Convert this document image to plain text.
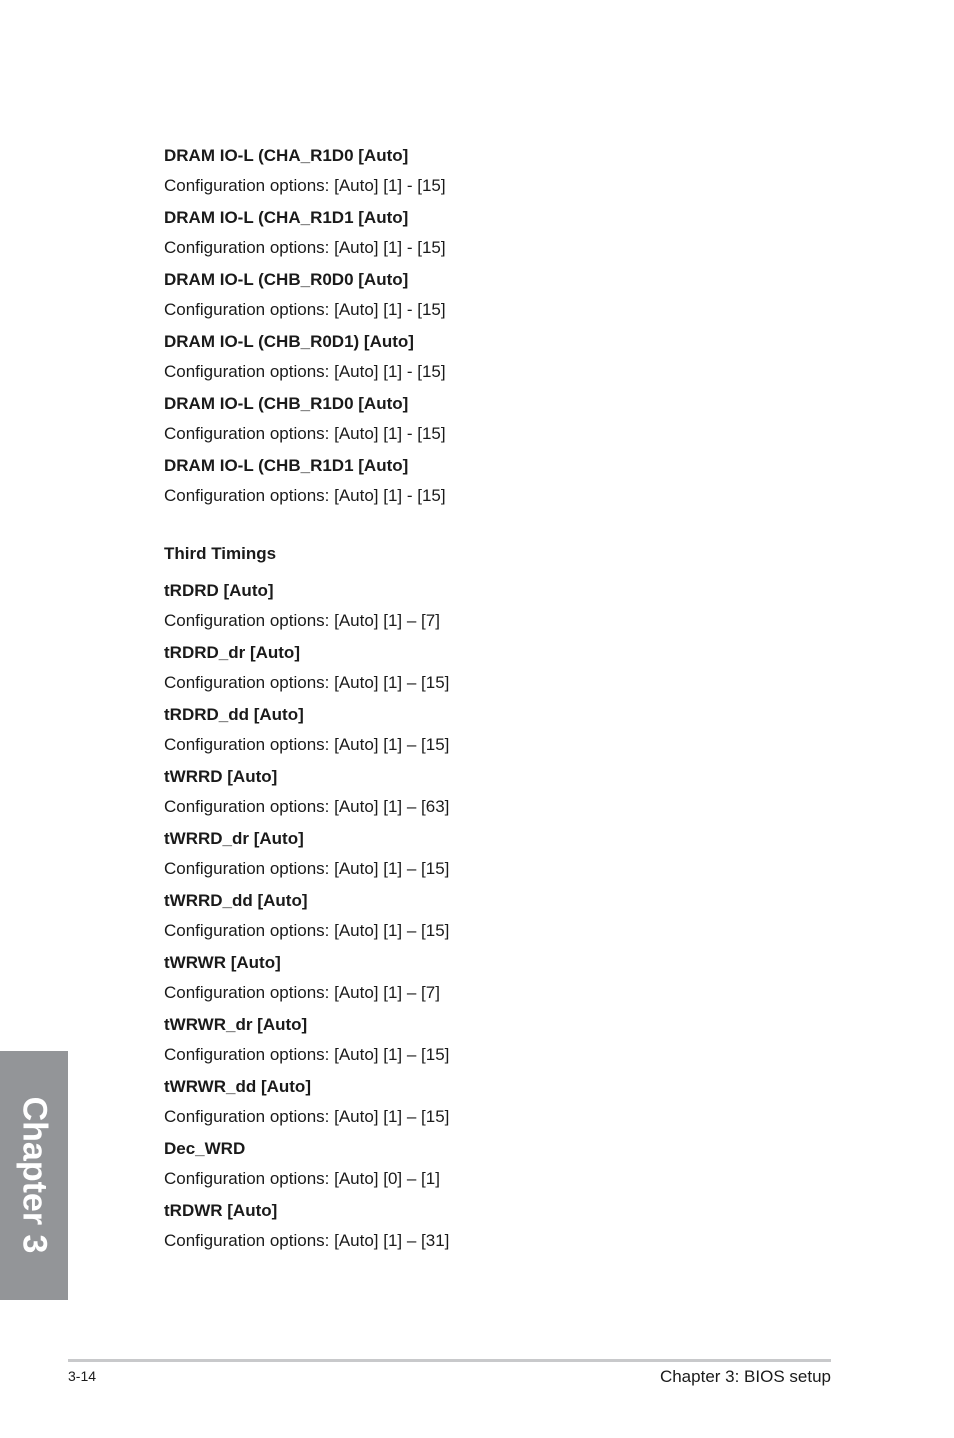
DRAM IO-L (CHA_R1D0 [Auto]

Configuration options: [Auto] [1] - [15]

DRAM IO-L (CHA_R1D1 [Auto]

Configuration options: [Auto] [1] - [15]

DRAM IO-L (CHB_R0D0 [Auto]

Configuration options: [Auto] [1] - [15]

DRAM IO-L (CHB_R0D1) [Auto]

Configuration options: [Auto] [1] - [15]

DRAM IO-L (CHB_R1D0 [Auto]

Configuration options: [Auto] [1] - [15]

DRAM IO-L (CHB_R1D1 [Auto]

Configuration options: [Auto] [1] - [15]

Third Timings

tRDRD [Auto]

Configuration options: [Auto] [1] – [7]

tRDRD_dr [Auto]

Configuration options: [Auto] [1] – [15]

tRDRD_dd [Auto]

Configuration options: [Auto] [1] – [15]

tWRRD [Auto]

Configuration options: [Auto] [1] – [63]

tWRRD_dr [Auto]

Configuration options: [Auto] [1] – [15]

tWRRD_dd [Auto]

Configuration options: [Auto] [1] – [15]

tWRWR [Auto]

Configuration options: [Auto] [1] – [7]

tWRWR_dr [Auto]

Configuration options: [Auto] [1] – [15]

tWRWR_dd [Auto]

Configuration options: [Auto] [1] – [15]

Dec_WRD

Configuration options: [Auto] [0] – [1]

tRDWR [Auto]

Configuration options: [Auto] [1] – [31]

Chapter 3
3-14	Chapter 3: BIOS setup
